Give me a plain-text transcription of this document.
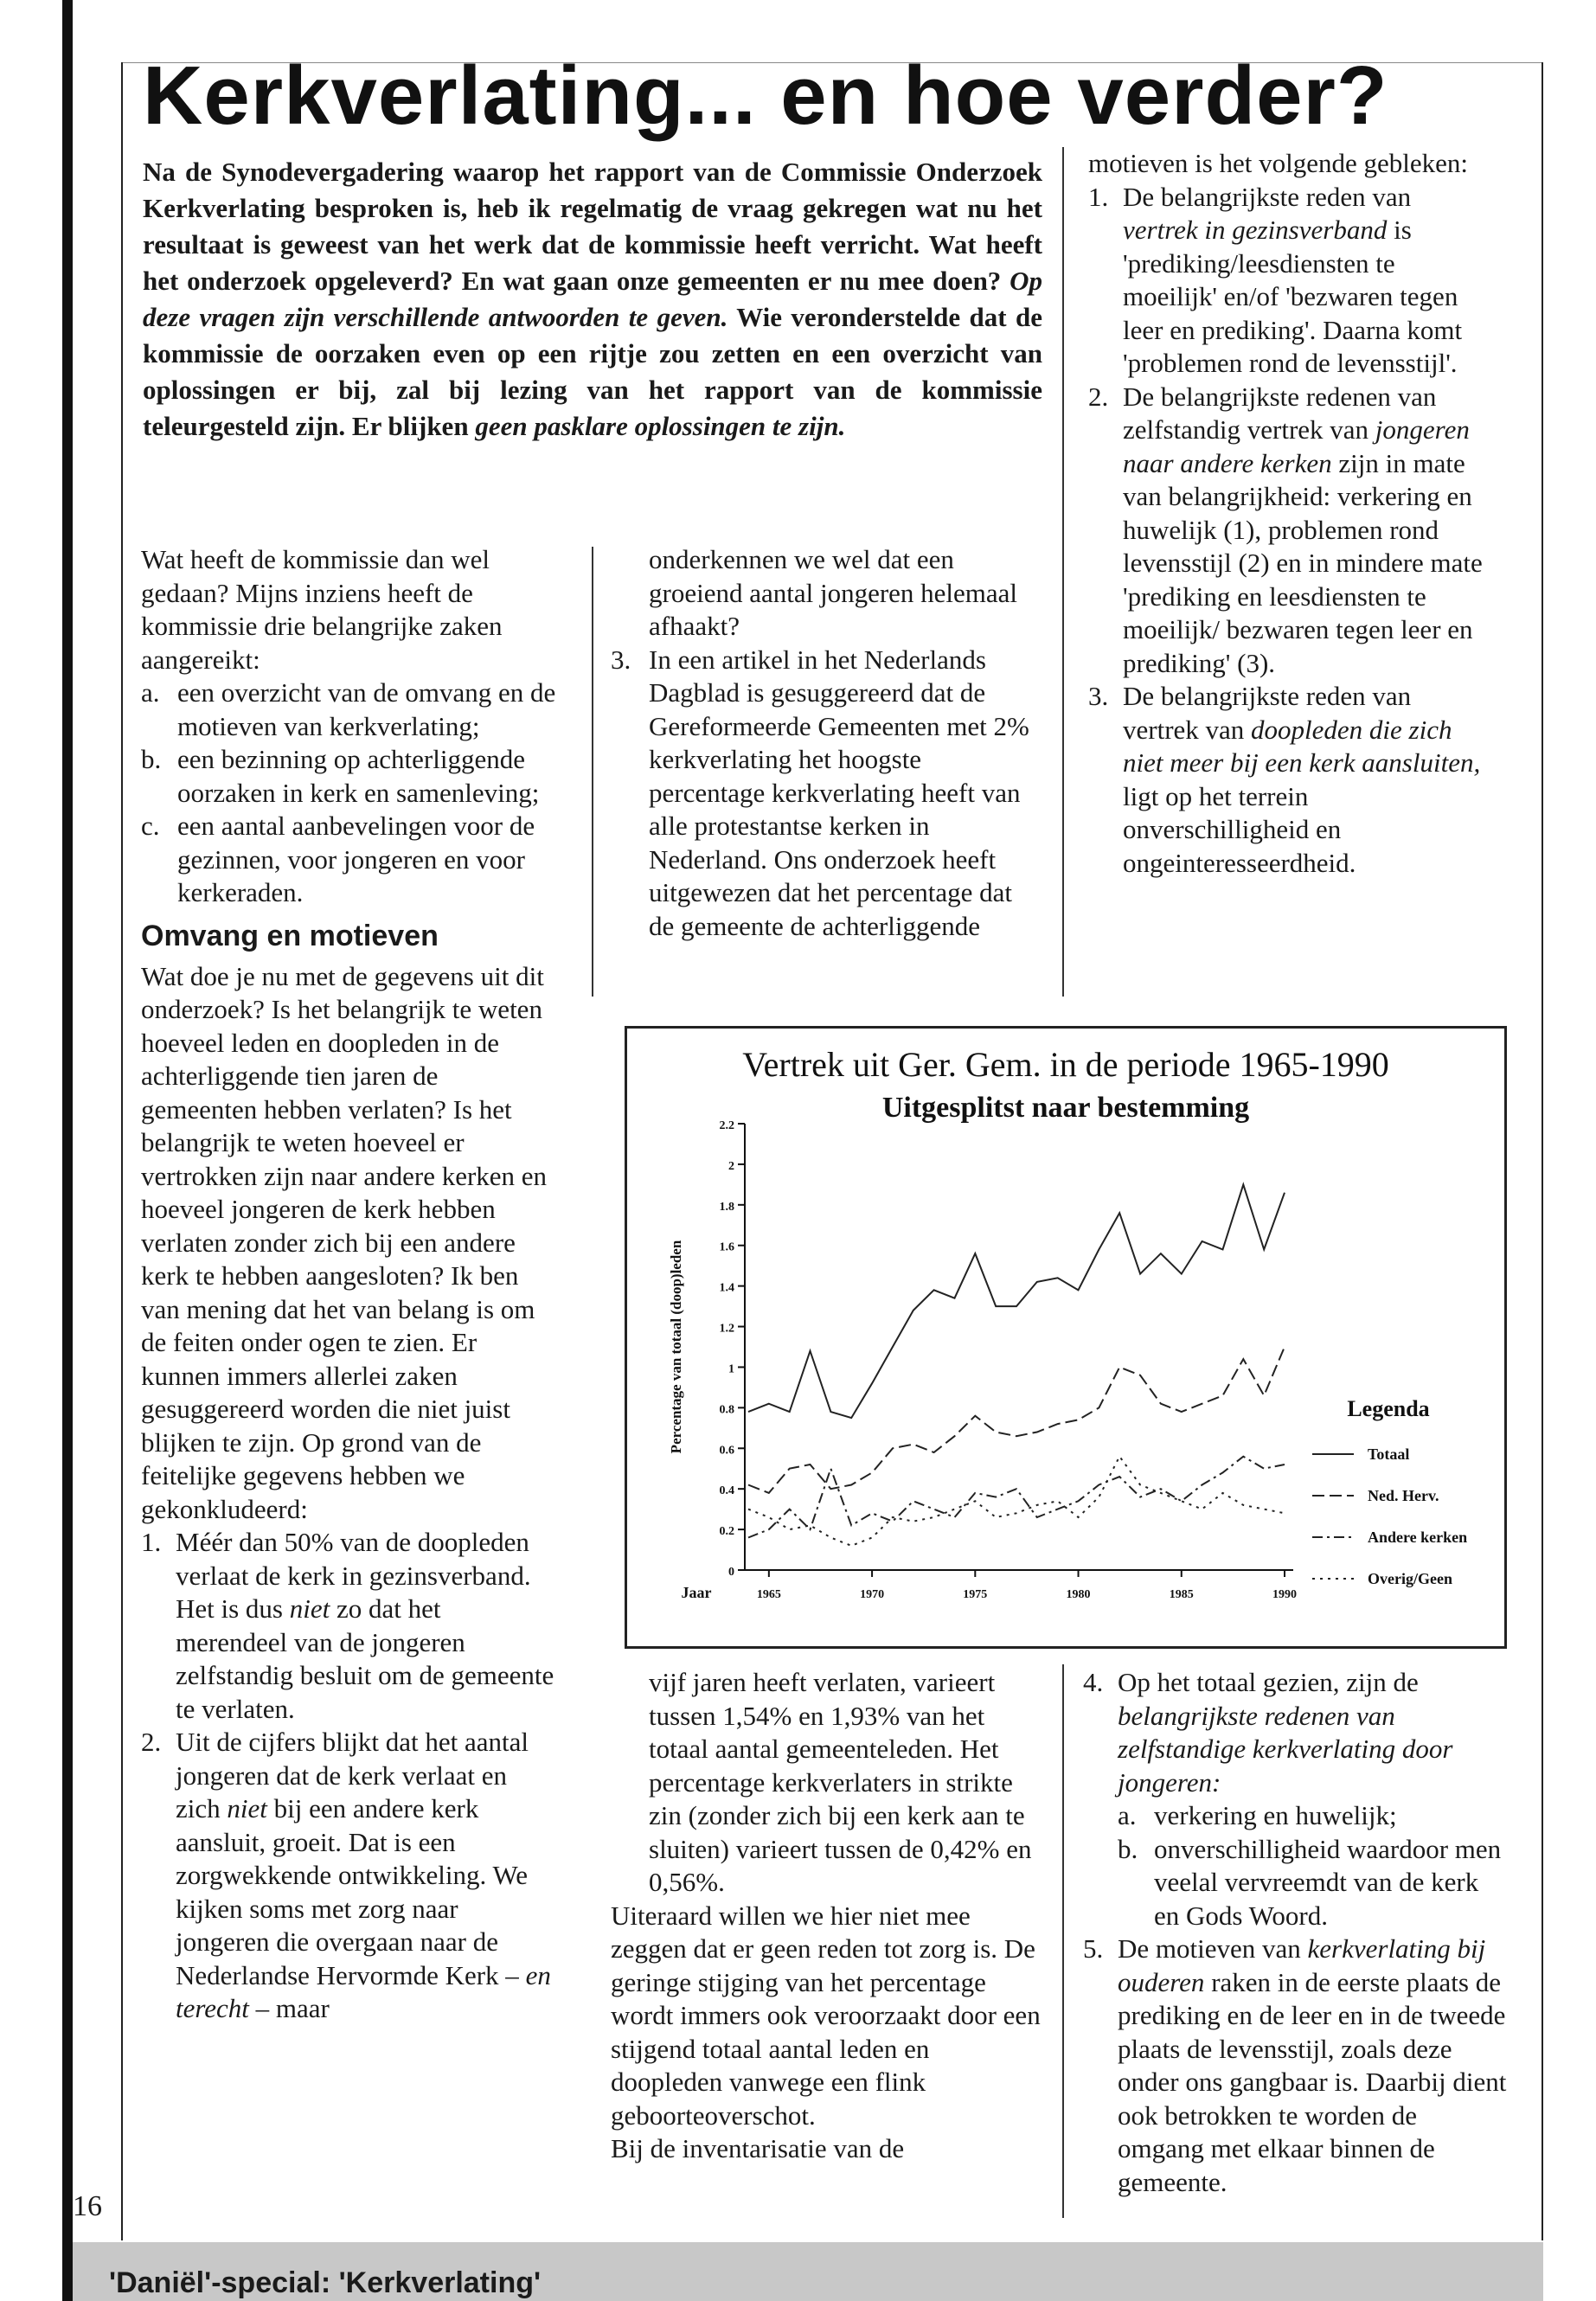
Kerkverlating... en hoe verder?

Na de Synodevergadering waarop het rapport van de Commissie Onderzoek Kerkverlating besproken is, heb ik regelmatig de vraag gekregen wat nu het resultaat is geweest van het werk dat de kommissie heeft verricht. Wat heeft het onderzoek opgeleverd? En wat gaan onze gemeenten er nu mee doen? Op deze vragen zijn verschillende antwoorden te geven. Wie veronderstelde dat de kommissie de oorzaken even op een rijtje zou zetten en een overzicht van oplossingen er bij, zal bij lezing van het rapport van de kommissie teleurgesteld zijn. Er blijken geen pasklare oplossingen te zijn.

motieven is het volgende gebleken:

1. De belangrijkste reden van vertrek in gezinsverband is 'prediking/leesdiensten te moeilijk' en/of 'bezwaren tegen leer en prediking'. Daarna komt 'problemen rond de levensstijl'.
2. De belangrijkste redenen van zelfstandig vertrek van jongeren naar andere kerken zijn in mate van belangrijkheid: verkering en huwelijk (1), problemen rond levensstijl (2) en in mindere mate 'prediking en leesdiensten te moeilijk/ bezwaren tegen leer en prediking' (3).
3. De belangrijkste reden van vertrek van doopleden die zich niet meer bij een kerk aansluiten, ligt op het terrein onverschilligheid en ongeinteresseerdheid.

Wat heeft de kommissie dan wel gedaan? Mijns inziens heeft de kommissie drie belangrijke zaken aangereikt:

a. een overzicht van de omvang en de motieven van kerkverlating;
b. een bezinning op achterliggende oorzaken in kerk en samenleving;
c. een aantal aanbevelingen voor de gezinnen, voor jongeren en voor kerkeraden.
Omvang en motieven

Wat doe je nu met de gegevens uit dit onderzoek? Is het belangrijk te weten hoeveel leden en doopleden in de achterliggende tien jaren de gemeenten hebben verlaten? Is het belangrijk te weten hoeveel er vertrokken zijn naar andere kerken en hoeveel jongeren de kerk hebben verlaten zonder zich bij een andere kerk te hebben aangesloten? Ik ben van mening dat het van belang is om de feiten onder ogen te zien. Er kunnen immers allerlei zaken gesuggereerd worden die niet juist blijken te zijn. Op grond van de feitelijke gegevens hebben we gekonkludeerd:

1. Méér dan 50% van de doopleden verlaat de kerk in gezinsverband. Het is dus niet zo dat het merendeel van de jongeren zelfstandig besluit om de gemeente te verlaten.
2. Uit de cijfers blijkt dat het aantal jongeren dat de kerk verlaat en zich niet bij een andere kerk aansluit, groeit. Dat is een zorgwekkende ontwikkeling. We kijken soms met zorg naar jongeren die overgaan naar de Nederlandse Hervormde Kerk – en terecht – maar

onderkennen we wel dat een groeiend aantal jongeren helemaal afhaakt?

3. In een artikel in het Nederlands Dagblad is gesuggereerd dat de Gereformeerde Gemeenten met 2% kerkverlating het hoogste percentage kerkverlating heeft van alle protestantse kerken in Nederland. Ons onderzoek heeft uitgewezen dat het percentage dat de gemeente de achterliggende

vijf jaren heeft verlaten, varieert tussen 1,54% en 1,93% van het totaal aantal gemeenteleden. Het percentage kerkverlaters in strikte zin (zonder zich bij een kerk aan te sluiten) varieert tussen de 0,42% en 0,56%.

Uiteraard willen we hier niet mee zeggen dat er geen reden tot zorg is. De geringe stijging van het percentage wordt immers ook veroorzaakt door een stijgend totaal aantal leden en doopleden vanwege een flink geboorteoverschot.

Bij de inventarisatie van de

4. Op het totaal gezien, zijn de belangrijkste redenen van zelfstandige kerkverlating door jongeren:
a. verkering en huwelijk;
b. onverschilligheid waardoor men veelal vervreemdt van de kerk en Gods Woord.
5. De motieven van kerkverlating bij ouderen raken in de eerste plaats de prediking en de leer en in de tweede plaats de levensstijl, zoals deze onder ons gangbaar is. Daarbij dient ook betrokken te worden de omgang met elkaar binnen de gemeente.
Vertrek uit Ger. Gem. in de periode 1965-1990
Uitgesplitst naar bestemming
0
0.2
0.4
0.6
0.8
1
1.2
1.4
1.6
1.8
2
2.2
1965	1970	1975	1980	1985	1990
Jaar
Percentage van totaal (doop)leden	Legenda
Totaal
Ned. Herv.
Andere kerken
Overig/Geen
16
'Daniël'-special: 'Kerkverlating'
